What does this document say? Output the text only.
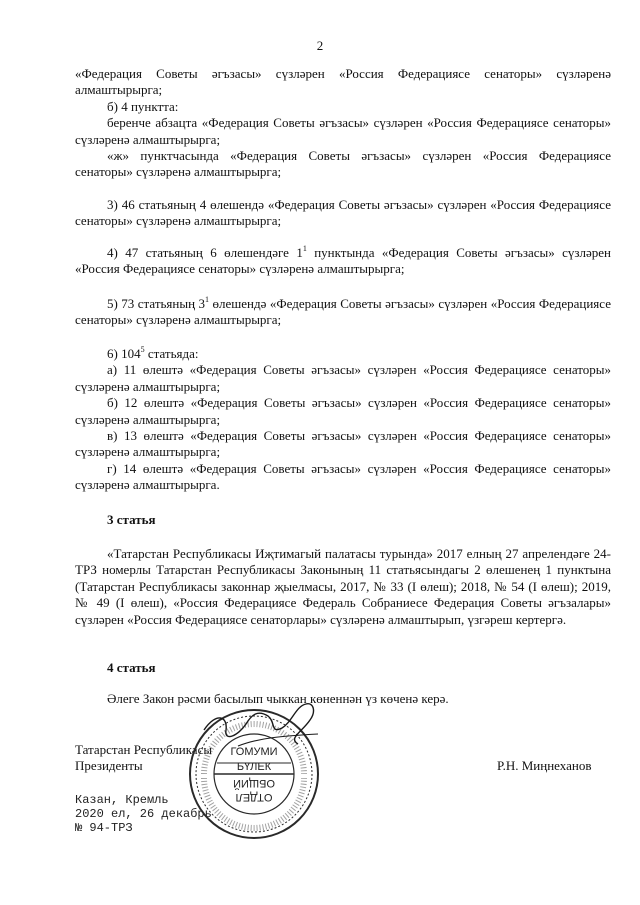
2

«Федерация Советы әгъзасы» сүзләрен «Россия Федерациясе сенаторы» сүзләренә алмаштырырга;

б) 4 пунктта:

беренче абзацта «Федерация Советы әгъзасы» сүзләрен «Россия Федерациясе сенаторы» сүзләренә алмаштырырга;

«ж» пунктчасында «Федерация Советы әгъзасы» сүзләрен «Россия Федерациясе сенаторы» сүзләренә алмаштырырга;

3) 46 статьяның 4 өлешендә «Федерация Советы әгъзасы» сүзләрен «Россия Федерациясе сенаторы» сүзләренә алмаштырырга;

4) 47 статьяның 6 өлешендәге $1^1$ пунктында «Федерация Советы әгъзасы» сүзләрен «Россия Федерациясе сенаторы» сүзләренә алмаштырырга;

5) 73 статьяның $3^1$ өлешендә «Федерация Советы әгъзасы» сүзләрен «Россия Федерациясе сенаторы» сүзләренә алмаштырырга;

6) $104^5$ статьяда:

а) 11 өлештә «Федерация Советы әгъзасы» сүзләрен «Россия Федерациясе сенаторы» сүзләренә алмаштырырга;

б) 12 өлештә «Федерация Советы әгъзасы» сүзләрен «Россия Федерациясе сенаторы» сүзләренә алмаштырырга;

в) 13 өлештә «Федерация Советы әгъзасы» сүзләрен «Россия Федерациясе сенаторы» сүзләренә алмаштырырга;

г) 14 өлештә «Федерация Советы әгъзасы» сүзләрен «Россия Федерациясе сенаторы» сүзләренә алмаштырырга.

3 статья

«Татарстан Республикасы Иҗтимагый палатасы турында» 2017 елның 27 апрелендәге 24-ТРЗ номерлы Татарстан Республикасы Законының 11 статьясындагы 2 өлешенең 1 пунктына (Татарстан Республикасы законнар җыелмасы, 2017, № 33 (I өлеш); 2018, № 54 (I өлеш); 2019, № 49 (I өлеш), «Россия Федерациясе Федераль Собраниесе Федерация Советы әгъзалары» сүзләрен «Россия Федерациясе сенаторлары» сүзләренә алмаштырып, үзгәреш кертергә.

4 статья

Әлеге Закон рәсми басылып чыккан көненнән үз көченә керә.

Татарстан Республикасы
Президенты	Р.Н. Миңнеханов
Казан, Кремль
2020 ел, 26 декабрь
№ 94-ТРЗ
ГОМУМИ
БҮЛЕК
ОБЩИЙ
ОТДЕЛ
